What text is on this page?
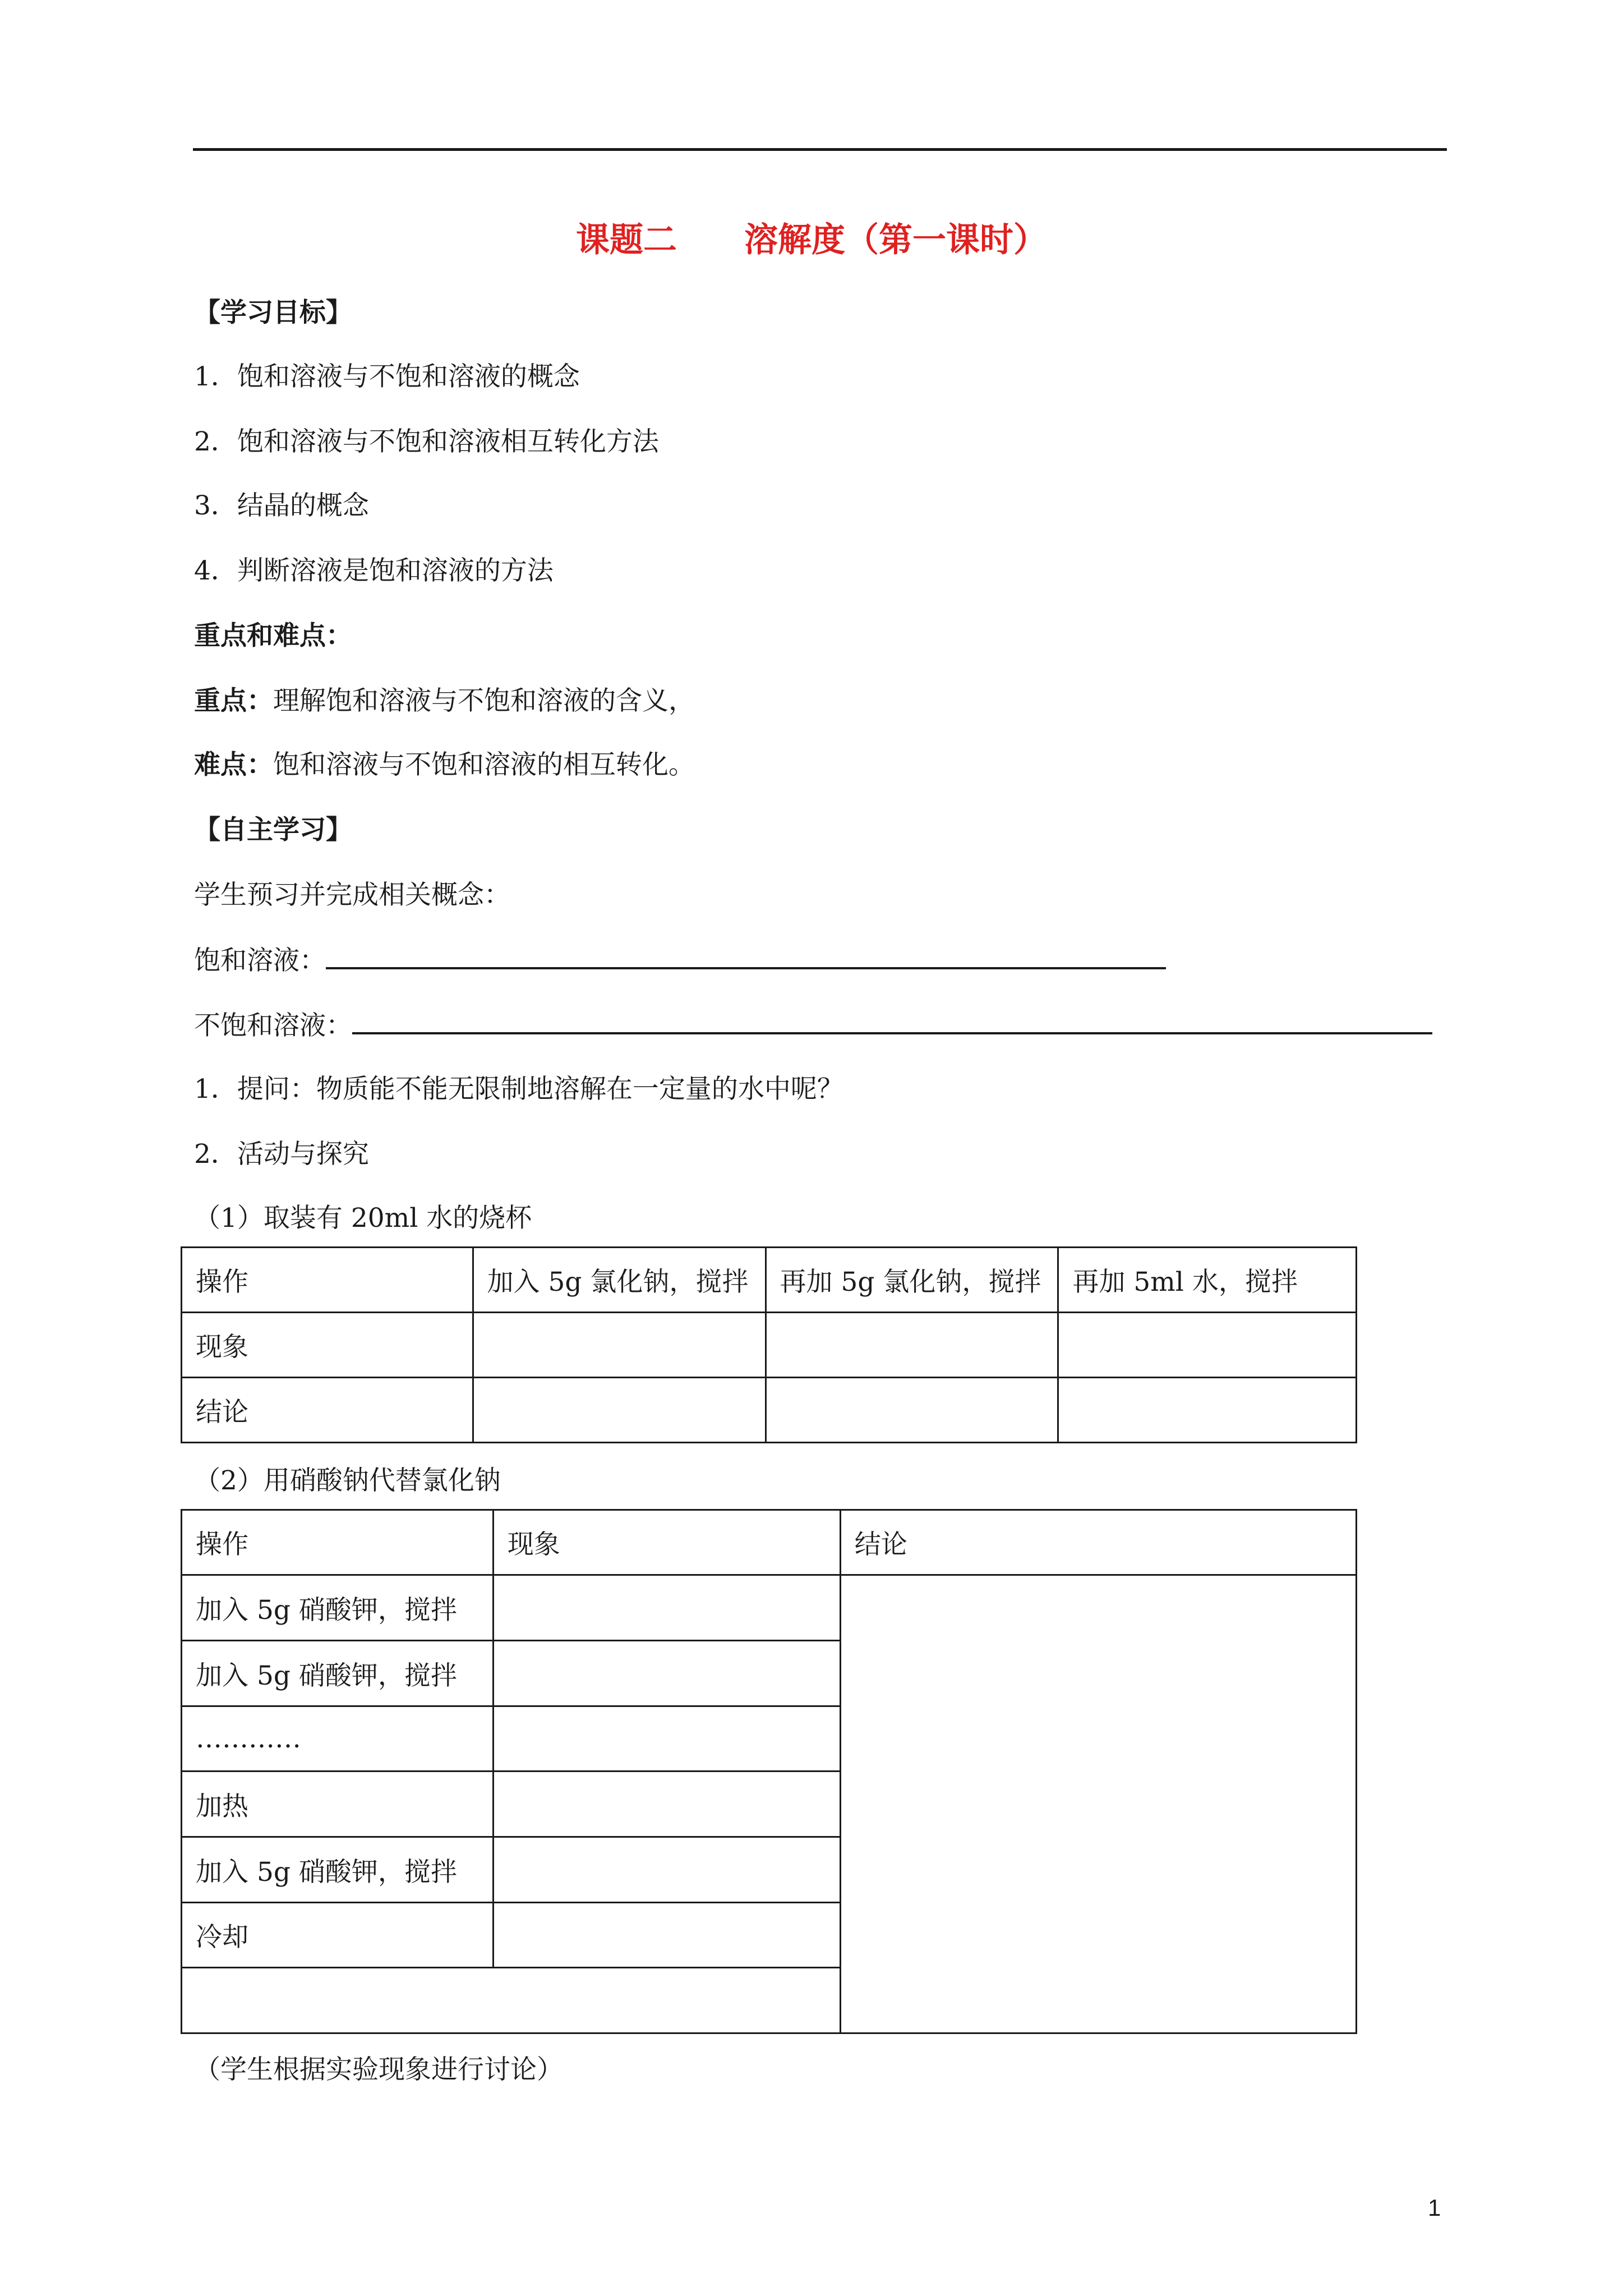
课题二 溶解度（第一课时）
【学习目标】
1．饱和溶液与不饱和溶液的概念
2．饱和溶液与不饱和溶液相互转化方法
3．结晶的概念
4．判断溶液是饱和溶液的方法
重点和难点：
重点：理解饱和溶液与不饱和溶液的含义，
难点：饱和溶液与不饱和溶液的相互转化。
【自主学习】
学生预习并完成相关概念：
饱和溶液：
不饱和溶液：
1．提问：物质能不能无限制地溶解在一定量的水中呢？
2．活动与探究
（1）取装有 20ml 水的烧杯
操作	加入 5g 氯化钠，搅拌	再加 5g 氯化钠，搅拌	再加 5ml 水，搅拌
现象			
结论			
（2）用硝酸钠代替氯化钠
操作	现象	结论
加入 5g 硝酸钾，搅拌		
加入 5g 硝酸钾，搅拌		
…………		
加热		
加入 5g 硝酸钾，搅拌		
冷却		

（学生根据实验现象进行讨论）
1
